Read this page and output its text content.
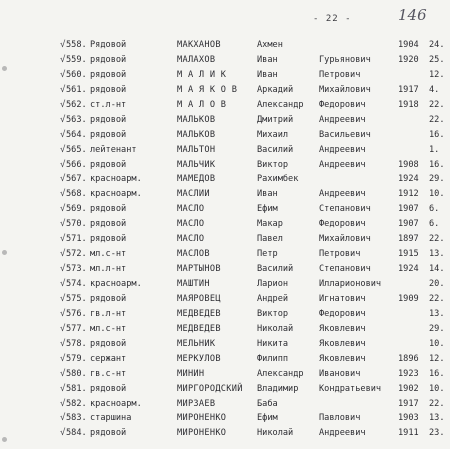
- 22 -	146
√ 558. Рядовой	МАКХАНОВ	Ахмен	1904 24.
√ 559. рядовой	МАЛАХОВ	Иван	Гурьянович	1920 25.
√ 560. рядовой	М А Л И К	Иван	Петрович	12.
√ 561. рядовой	М А Я К О В Аркадий	Михайлович	1917 4.
√ 562. ст.л-нт	М А Л О В	Александр Федорович	1918 22.
√ 563. рядовой	МАЛЬКОВ	Дмитрий	Андреевич	22.
√ 564. рядовой	МАЛЬКОВ	Михаил	Васильевич	16.
√ 565. лейтенант	МАЛЬТОН	Василий	Андреевич	1.
√ 566. рядовой	МАЛЬЧИК	Виктор	Андреевич	1908 16.
√ 567. красноарм.	МАМЕДОВ	Рахимбек	1924 29.
√ 568. красноарм.	МАСЛИИ	Иван	Андреевич	1912 10.
√ 569. рядовой	МАСЛО	Ефим	Степанович	1907 6.
√ 570. рядовой	МАСЛО	Макар	Федорович	1907 6.
√ 571. рядовой	МАСЛО	Павел	Михайлович	1897 22.
√ 572. мл.с-нт	МАСЛОВ	Петр	Петрович	1915 13.
√ 573. мл.л-нт	МАРТЫНОВ	Василий	Степанович	1924 14.
√ 574. красноарм.	МАШТИН	Ларион	Илларионович	20.
√ 575. рядовой	МАЯРОВЕЦ	Андрей	Игнатович	1909 22.
√ 576. гв.л-нт	МЕДВЕДЕВ	Виктор	Федорович	13.
√ 577. мл.с-нт	МЕДВЕДЕВ	Николай	Яковлевич	29.
√ 578. рядовой	МЕЛЬНИК	Никита	Яковлевич	10.
√ 579. сержант	МЕРКУЛОВ	Филипп	Яковлевич	1896 12.
√ 580. гв.с-нт	МИНИН	Александр Иванович	1923 16.
√ 581. рядовой	МИРГОРОДСКИЙ Владимир Кондратьевич 1902 10.
√ 582. красноарм.	МИРЗАЕВ	Баба	1917 22.
√ 583. старшина	МИРОНЕНКО	Ефим	Павлович	1903 13.
√ 584. рядовой	МИРОНЕНКО	Николай	Андреевич	1911 23.
